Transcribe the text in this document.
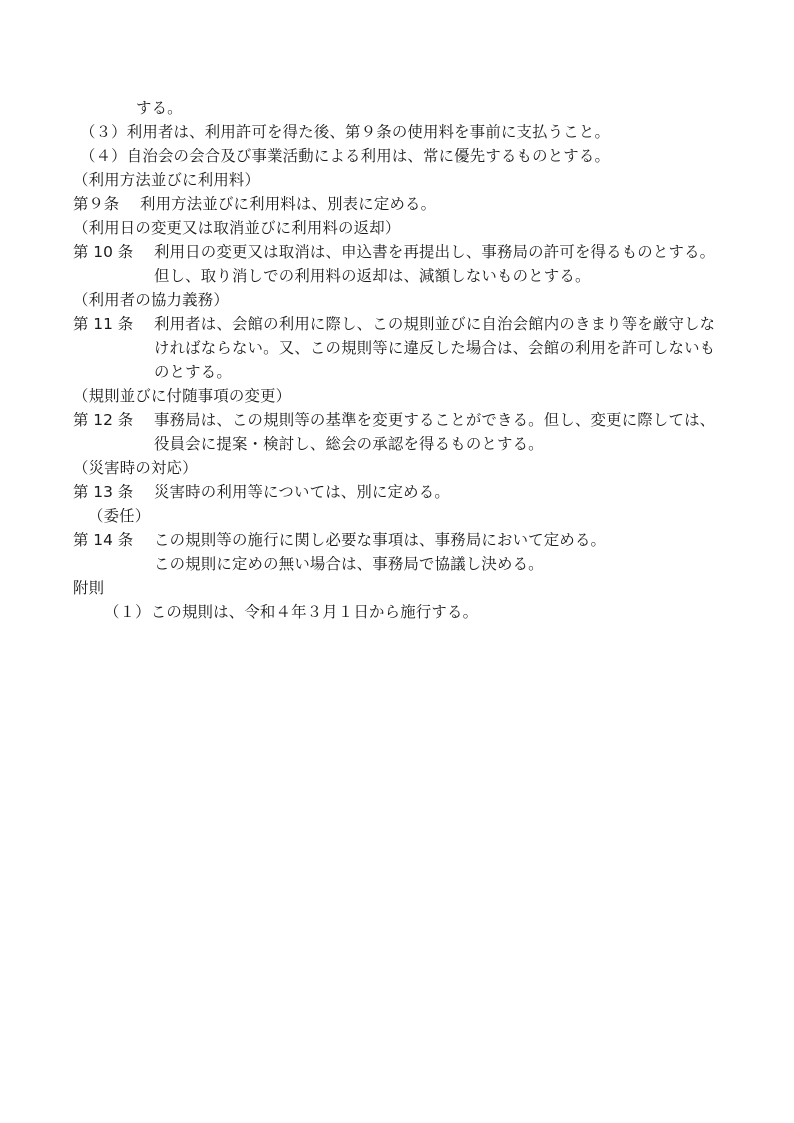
する。
（３）利用者は、利用許可を得た後、第９条の使用料を事前に支払うこと。
（４）自治会の会合及び事業活動による利用は、常に優先するものとする。
（利用方法並びに利用料）
第９条 利用方法並びに利用料は、別表に定める。
（利用日の変更又は取消並びに利用料の返却）
第 10 条 利用日の変更又は取消は、申込書を再提出し、事務局の許可を得るものとする。
但し、取り消しでの利用料の返却は、減額しないものとする。
（利用者の協力義務）
第 11 条 利用者は、会館の利用に際し、この規則並びに自治会館内のきまり等を厳守しな
ければならない。又、この規則等に違反した場合は、会館の利用を許可しないも
のとする。
（規則並びに付随事項の変更）
第 12 条 事務局は、この規則等の基準を変更することができる。但し、変更に際しては、
役員会に提案・検討し、総会の承認を得るものとする。
（災害時の対応）
第 13 条 災害時の利用等については、別に定める。
（委任）
第 14 条 この規則等の施行に関し必要な事項は、事務局において定める。
この規則に定めの無い場合は、事務局で協議し決める。
附則
（１）この規則は、令和４年３月１日から施行する。
